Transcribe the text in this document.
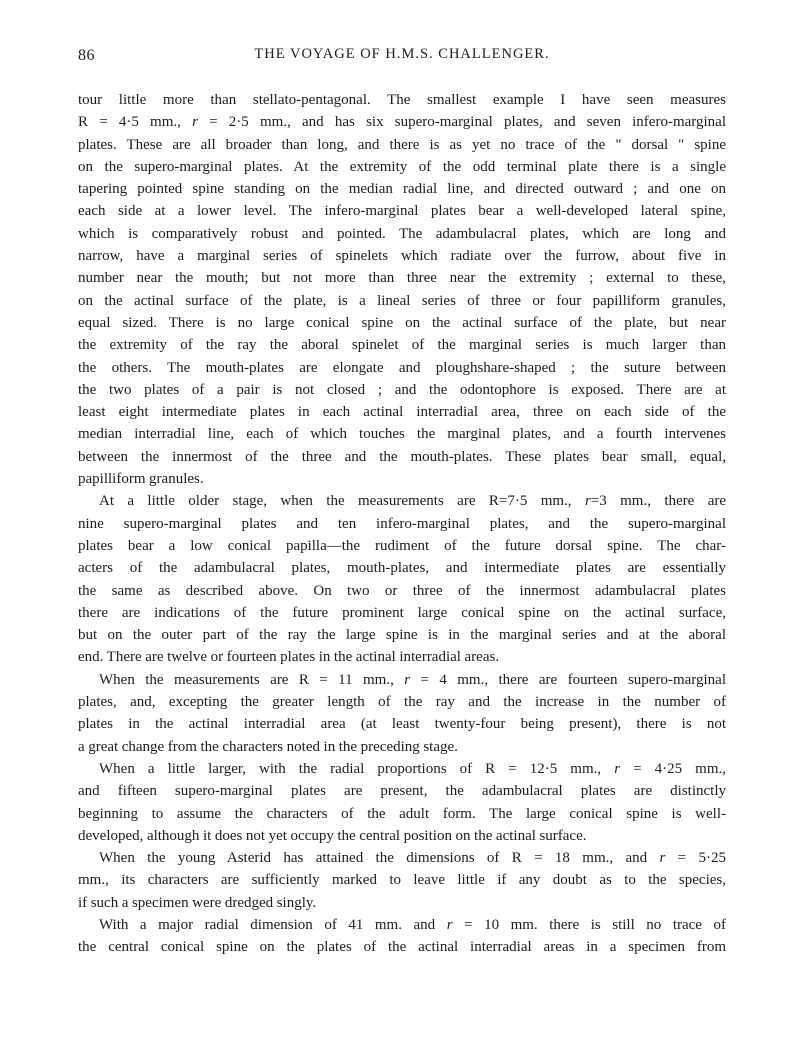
86	THE VOYAGE OF H.M.S. CHALLENGER.
tour little more than stellato-pentagonal. The smallest example I have seen measures
R = 4·5 mm., r = 2·5 mm., and has six supero-marginal plates, and seven infero-marginal
plates. These are all broader than long, and there is as yet no trace of the " dorsal " spine
on the supero-marginal plates. At the extremity of the odd terminal plate there is a single
tapering pointed spine standing on the median radial line, and directed outward ; and one on
each side at a lower level. The infero-marginal plates bear a well-developed lateral spine,
which is comparatively robust and pointed. The adambulacral plates, which are long and
narrow, have a marginal series of spinelets which radiate over the furrow, about five in
number near the mouth; but not more than three near the extremity ; external to these,
on the actinal surface of the plate, is a lineal series of three or four papilliform granules,
equal sized. There is no large conical spine on the actinal surface of the plate, but near
the extremity of the ray the aboral spinelet of the marginal series is much larger than
the others. The mouth-plates are elongate and ploughshare-shaped ; the suture between
the two plates of a pair is not closed ; and the odontophore is exposed. There are at
least eight intermediate plates in each actinal interradial area, three on each side of the
median interradial line, each of which touches the marginal plates, and a fourth intervenes
between the innermost of the three and the mouth-plates. These plates bear small, equal,
papilliform granules.
At a little older stage, when the measurements are R=7·5 mm., r=3 mm., there are
nine supero-marginal plates and ten infero-marginal plates, and the supero-marginal
plates bear a low conical papilla—the rudiment of the future dorsal spine. The char-
acters of the adambulacral plates, mouth-plates, and intermediate plates are essentially
the same as described above. On two or three of the innermost adambulacral plates
there are indications of the future prominent large conical spine on the actinal surface,
but on the outer part of the ray the large spine is in the marginal series and at the aboral
end. There are twelve or fourteen plates in the actinal interradial areas.
When the measurements are R = 11 mm., r = 4 mm., there are fourteen supero-marginal
plates, and, excepting the greater length of the ray and the increase in the number of
plates in the actinal interradial area (at least twenty-four being present), there is not
a great change from the characters noted in the preceding stage.
When a little larger, with the radial proportions of R = 12·5 mm., r = 4·25 mm.,
and fifteen supero-marginal plates are present, the adambulacral plates are distinctly
beginning to assume the characters of the adult form. The large conical spine is well-
developed, although it does not yet occupy the central position on the actinal surface.
When the young Asterid has attained the dimensions of R = 18 mm., and r = 5·25
mm., its characters are sufficiently marked to leave little if any doubt as to the species,
if such a specimen were dredged singly.
With a major radial dimension of 41 mm. and r = 10 mm. there is still no trace of
the central conical spine on the plates of the actinal interradial areas in a specimen from
